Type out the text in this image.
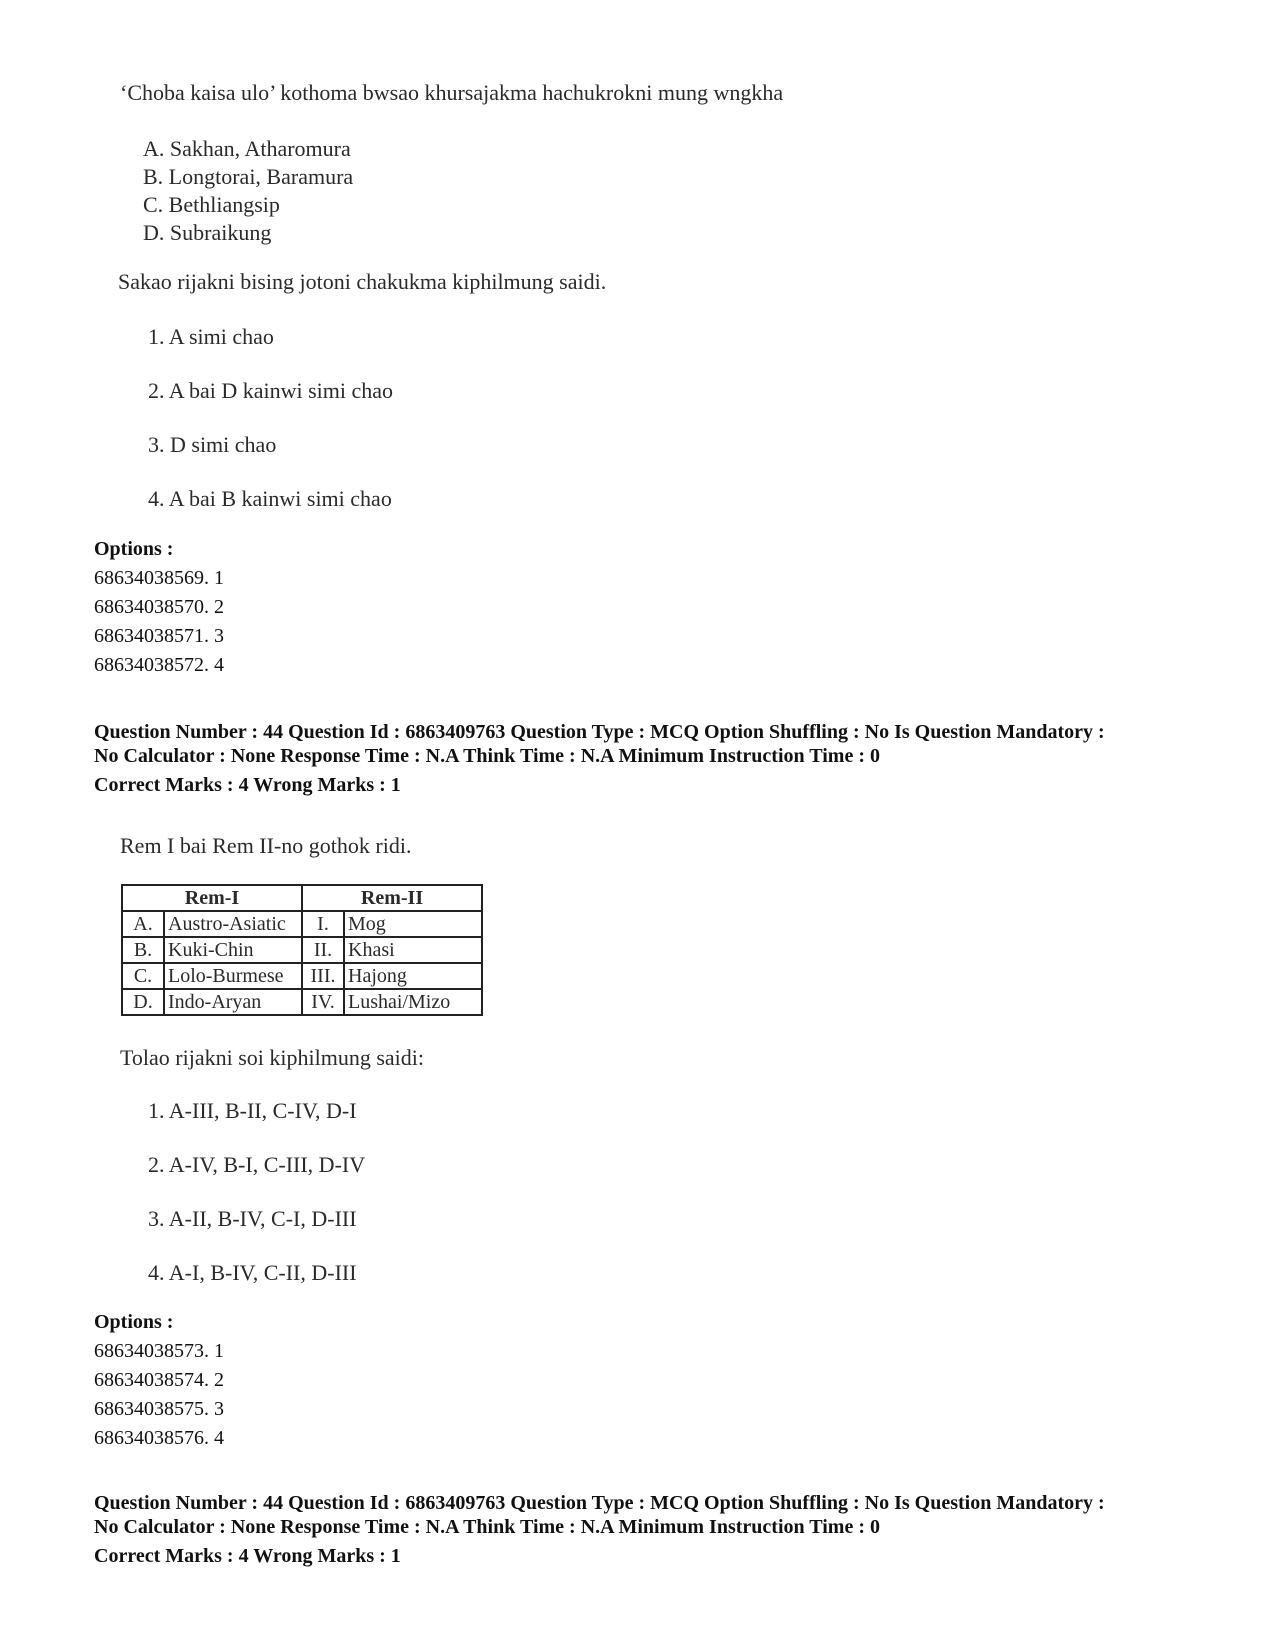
‘Choba kaisa ulo’ kothoma bwsao khursajakma hachukrokni mung wngkha
A. Sakhan, Atharomura
B. Longtorai, Baramura
C. Bethliangsip
D. Subraikung
Sakao rijakni bising jotoni chakukma kiphilmung saidi.
1. A simi chao
2. A bai D kainwi simi chao
3. D simi chao
4. A bai B kainwi simi chao
Options :
68634038569. 1
68634038570. 2
68634038571. 3
68634038572. 4
Question Number : 44 Question Id : 6863409763 Question Type : MCQ Option Shuffling : No Is Question Mandatory :
No Calculator : None Response Time : N.A Think Time : N.A Minimum Instruction Time : 0
Correct Marks : 4 Wrong Marks : 1
Rem I bai Rem II-no gothok ridi.
Rem-I		Rem-II	
A.	Austro-Asiatic	I.	Mog
B.	Kuki-Chin	II.	Khasi
C.	Lolo-Burmese	III.	Hajong
D.	Indo-Aryan	IV.	Lushai/Mizo
Tolao rijakni soi kiphilmung saidi:
1. A-III, B-II, C-IV, D-I
2. A-IV, B-I, C-III, D-IV
3. A-II, B-IV, C-I, D-III
4. A-I, B-IV, C-II, D-III
Options :
68634038573. 1
68634038574. 2
68634038575. 3
68634038576. 4
Question Number : 44 Question Id : 6863409763 Question Type : MCQ Option Shuffling : No Is Question Mandatory :
No Calculator : None Response Time : N.A Think Time : N.A Minimum Instruction Time : 0
Correct Marks : 4 Wrong Marks : 1
